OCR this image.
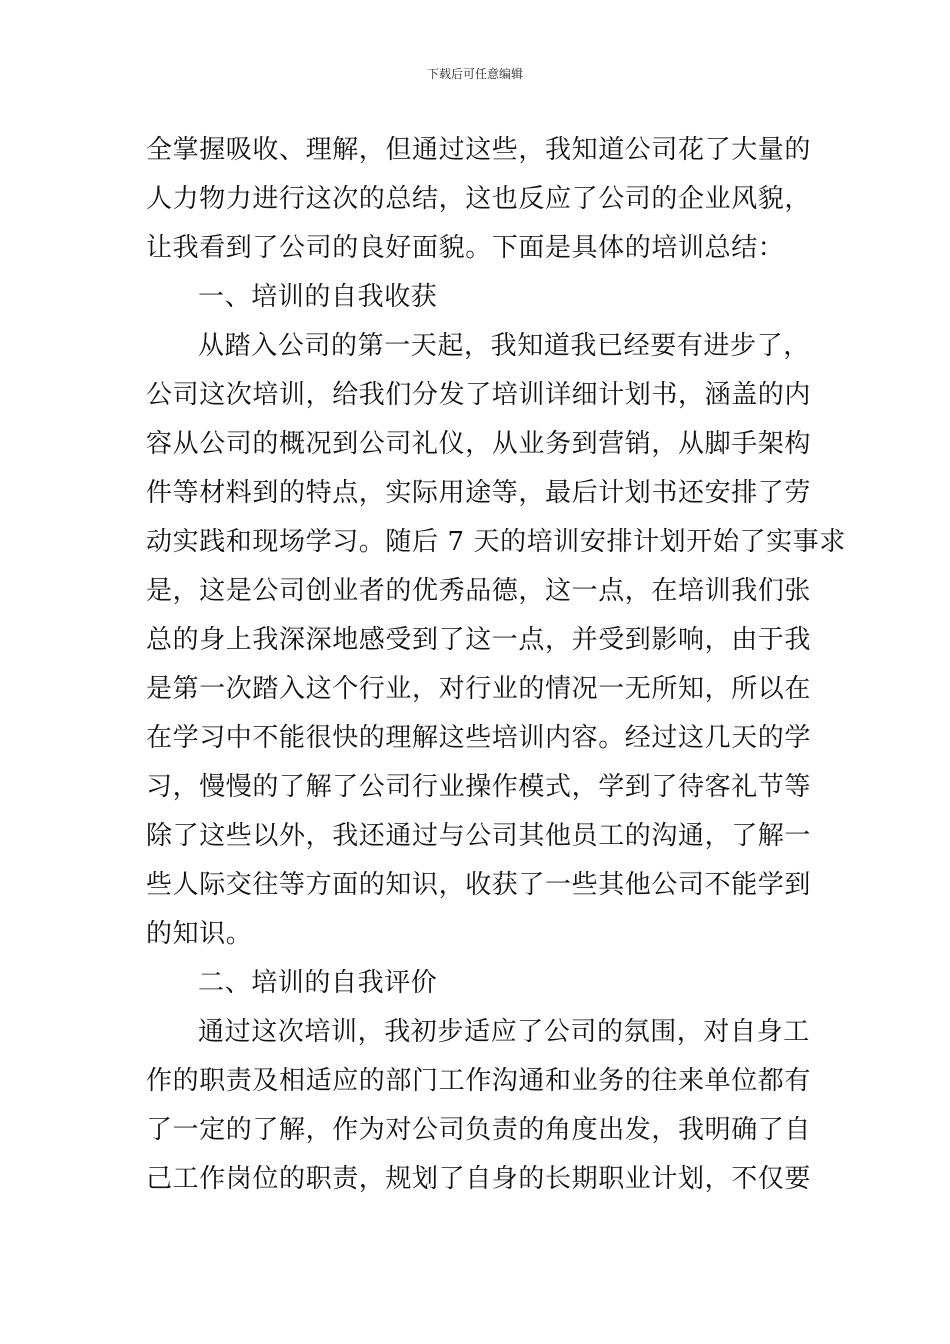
下载后可任意编辑
全掌握吸收、理解，但通过这些，我知道公司花了大量的
人力物力进行这次的总结，这也反应了公司的企业风貌，
让我看到了公司的良好面貌。下面是具体的培训总结：
一、培训的自我收获
从踏入公司的第一天起，我知道我已经要有进步了，
公司这次培训，给我们分发了培训详细计划书，涵盖的内
容从公司的概况到公司礼仪，从业务到营销，从脚手架构
件等材料到的特点，实际用途等，最后计划书还安排了劳
动实践和现场学习。随后 7 天的培训安排计划开始了实事求
是，这是公司创业者的优秀品德，这一点，在培训我们张
总的身上我深深地感受到了这一点，并受到影响，由于我
是第一次踏入这个行业，对行业的情况一无所知，所以在
在学习中不能很快的理解这些培训内容。经过这几天的学
习，慢慢的了解了公司行业操作模式，学到了待客礼节等
除了这些以外，我还通过与公司其他员工的沟通，了解一
些人际交往等方面的知识，收获了一些其他公司不能学到
的知识。
二、培训的自我评价
通过这次培训，我初步适应了公司的氛围，对自身工
作的职责及相适应的部门工作沟通和业务的往来单位都有
了一定的了解，作为对公司负责的角度出发，我明确了自
己工作岗位的职责，规划了自身的长期职业计划，不仅要
